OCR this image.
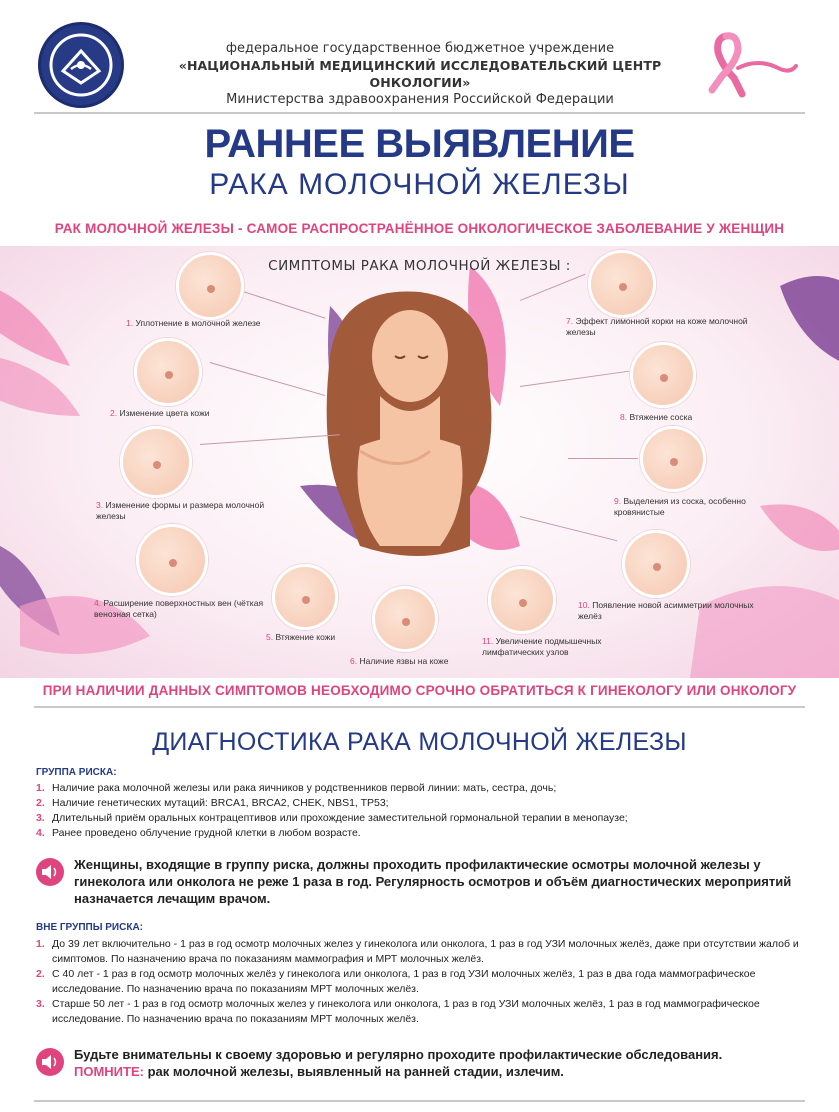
федеральное государственное бюджетное учреждение
«НАЦИОНАЛЬНЫЙ МЕДИЦИНСКИЙ ИССЛЕДОВАТЕЛЬСКИЙ ЦЕНТР ОНКОЛОГИИ»
Министерства здравоохранения Российской Федерации
РАННЕЕ ВЫЯВЛЕНИЕ
РАКА МОЛОЧНОЙ ЖЕЛЕЗЫ
РАК МОЛОЧНОЙ ЖЕЛЕЗЫ - САМОЕ РАСПРОСТРАНЁННОЕ ОНКОЛОГИЧЕСКОЕ ЗАБОЛЕВАНИЕ У ЖЕНЩИН
СИМПТОМЫ РАКА МОЛОЧНОЙ ЖЕЛЕЗЫ :
1. Уплотнение в молочной железе
2. Изменение цвета кожи
3. Изменение формы и размера молочной железы
4. Расширение поверхностных вен (чёткая венозная сетка)
5. Втяжение кожи
6. Наличие язвы на коже
7. Эффект лимонной корки на коже молочной железы
8. Втяжение соска
9. Выделения из соска, особенно кровянистые
10. Появление новой асимметрии молочных желёз
11. Увеличение подмышечных лимфатических узлов
ПРИ НАЛИЧИИ ДАННЫХ СИМПТОМОВ НЕОБХОДИМО СРОЧНО ОБРАТИТЬСЯ К ГИНЕКОЛОГУ ИЛИ ОНКОЛОГУ
ДИАГНОСТИКА РАКА МОЛОЧНОЙ ЖЕЛЕЗЫ
ГРУППА РИСКА:
1. Наличие рака молочной железы или рака яичников у родственников первой линии: мать, сестра, дочь;
2. Наличие генетических мутаций: BRCA1, BRCA2, CHEK, NBS1, TP53;
3. Длительный приём оральных контрацептивов или прохождение заместительной гормональной терапии в менопаузе;
4. Ранее проведено облучение грудной клетки в любом возрасте.
Женщины, входящие в группу риска, должны проходить профилактические осмотры молочной железы у гинеколога или онколога не реже 1 раза в год. Регулярность осмотров и объём диагностических мероприятий назначается лечащим врачом.
ВНЕ ГРУППЫ РИСКА:
1. До 39 лет включительно - 1 раз в год осмотр молочных желез у гинеколога или онколога, 1 раз в год УЗИ молочных желёз, даже при отсутствии жалоб и симптомов. По назначению врача по показаниям маммография и МРТ молочных желёз.
2. С 40 лет - 1 раз в год осмотр молочных желёз у гинеколога или онколога, 1 раз в год УЗИ молочных желёз, 1 раз в два года маммографическое исследование. По назначению врача по показаниям МРТ молочных желёз.
3. Старше 50 лет - 1 раз в год осмотр молочных желез у гинеколога или онколога, 1 раз в год УЗИ молочных желёз, 1 раз в год маммографическое исследование. По назначению врача по показаниям МРТ молочных желёз.
Будьте внимательны к своему здоровью и регулярно проходите профилактические обследования.
ПОМНИТЕ: рак молочной железы, выявленный на ранней стадии, излечим.
